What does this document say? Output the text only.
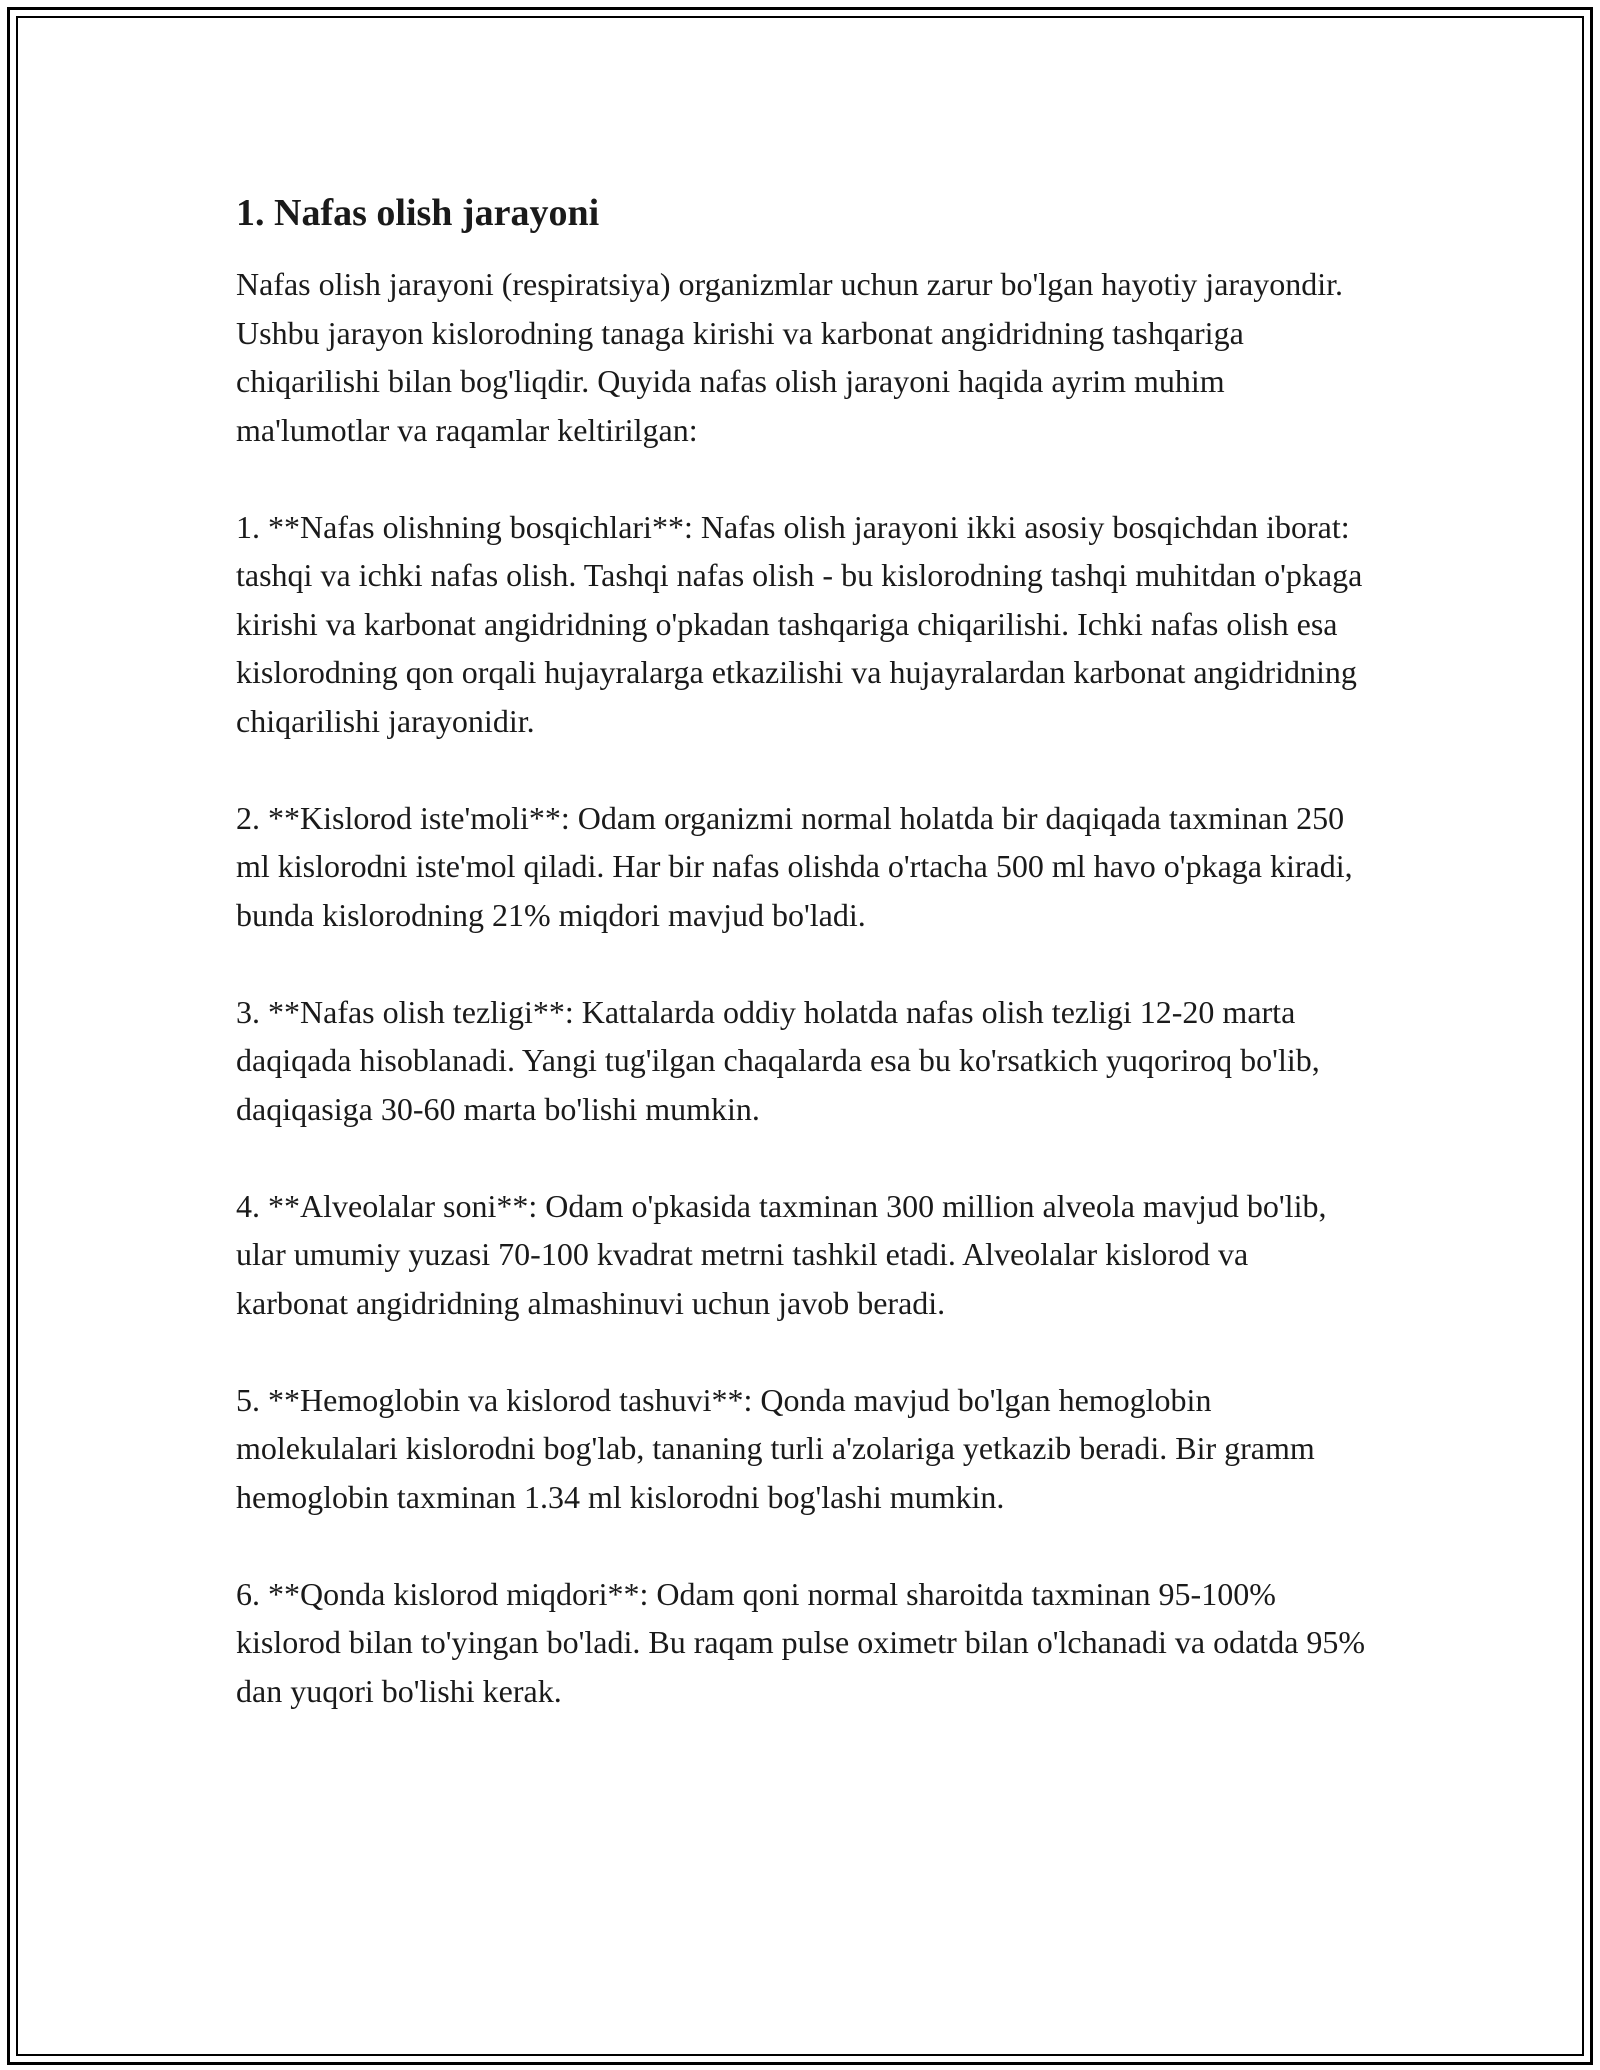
1. Nafas olish jarayoni

Nafas olish jarayoni (respiratsiya) organizmlar uchun zarur bo'lgan hayotiy jarayondir. Ushbu jarayon kislorodning tanaga kirishi va karbonat angidridning tashqariga chiqarilishi bilan bog'liqdir. Quyida nafas olish jarayoni haqida ayrim muhim ma'lumotlar va raqamlar keltirilgan:

1. **Nafas olishning bosqichlari**: Nafas olish jarayoni ikki asosiy bosqichdan iborat: tashqi va ichki nafas olish. Tashqi nafas olish - bu kislorodning tashqi muhitdan o'pkaga kirishi va karbonat angidridning o'pkadan tashqariga chiqarilishi. Ichki nafas olish esa kislorodning qon orqali hujayralarga etkazilishi va hujayralardan karbonat angidridning chiqarilishi jarayonidir.

2. **Kislorod iste'moli**: Odam organizmi normal holatda bir daqiqada taxminan 250 ml kislorodni iste'mol qiladi. Har bir nafas olishda o'rtacha 500 ml havo o'pkaga kiradi, bunda kislorodning 21% miqdori mavjud bo'ladi.

3. **Nafas olish tezligi**: Kattalarda oddiy holatda nafas olish tezligi 12-20 marta daqiqada hisoblanadi. Yangi tug'ilgan chaqalarda esa bu ko'rsatkich yuqoriroq bo'lib, daqiqasiga 30-60 marta bo'lishi mumkin.

4. **Alveolalar soni**: Odam o'pkasida taxminan 300 million alveola mavjud bo'lib, ular umumiy yuzasi 70-100 kvadrat metrni tashkil etadi. Alveolalar kislorod va karbonat angidridning almashinuvi uchun javob beradi.

5. **Hemoglobin va kislorod tashuvi**: Qonda mavjud bo'lgan hemoglobin molekulalari kislorodni bog'lab, tananing turli a'zolariga yetkazib beradi. Bir gramm hemoglobin taxminan 1.34 ml kislorodni bog'lashi mumkin.

6. **Qonda kislorod miqdori**: Odam qoni normal sharoitda taxminan 95-100% kislorod bilan to'yingan bo'ladi. Bu raqam pulse oximetr bilan o'lchanadi va odatda 95% dan yuqori bo'lishi kerak.
